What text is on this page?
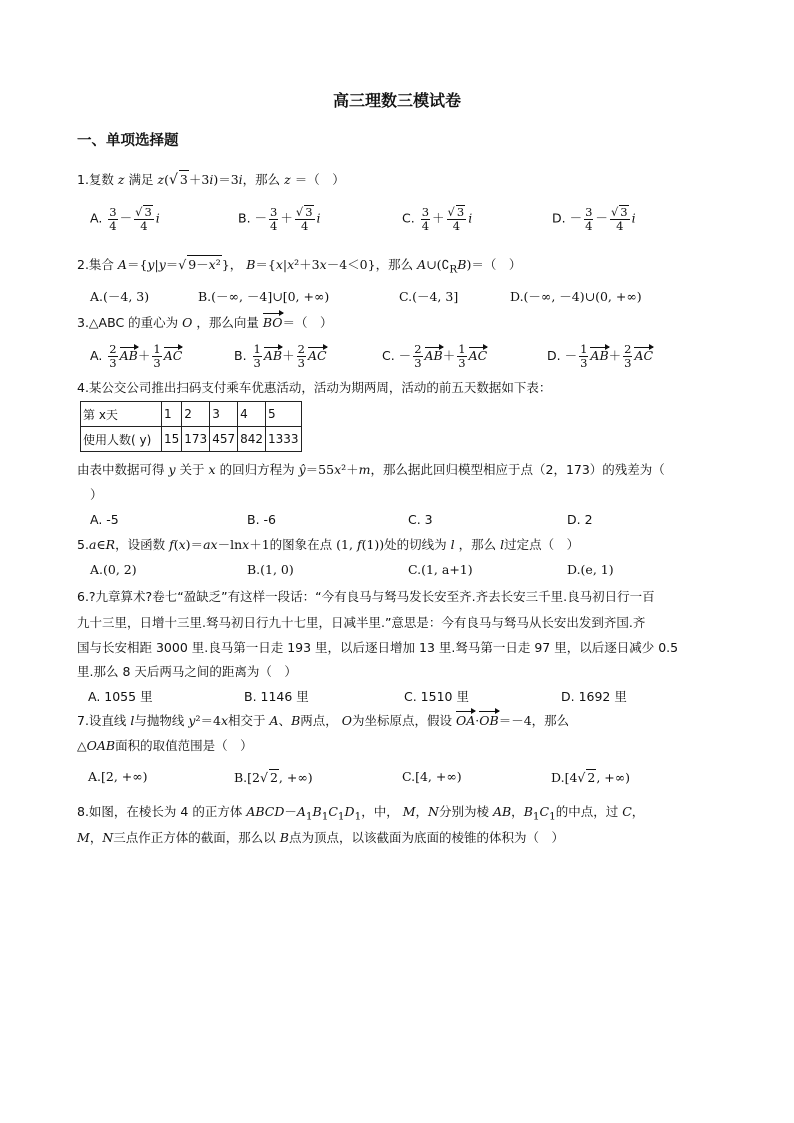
高三理数三模试卷
一、单项选择题
1.复数 z 满足 z(√ 3＋3i)＝3i，那么 z ＝（　）
A. $\frac{3}{4} - \frac{√ 3}{4}$ i	B. － $\frac{3}{4} + \frac{√ 3}{4}$ i	C. $\frac{3}{4} + \frac{√ 3}{4}$ i	D. － $\frac{3}{4} - \frac{√ 3}{4}$ i
2.集合 A＝{y|y＝√ 9－x²}， B＝{x|x²＋3x－4＜0}，那么 $A\cup(∁_RB)=$（　）
A.(－4, 3)	B.(－∞, －4]∪[0, +∞)	C.(－4, 3]	D.(－∞, －4)∪(0, +∞)
3.△ABC 的重心为 O ，那么向量 BO＝（　）
A. $\frac{2}{3} AB+ \frac{1}{3}$ AC	B. $\frac{1}{3} AB+ \frac{2}{3}$ AC	C. － $\frac{2}{3} AB+ \frac{1}{3}$ AC	D. － $\frac{1}{3} AB+ \frac{2}{3}$ AC
4.某公交公司推出扫码支付乘车优惠活动，活动为期两周，活动的前五天数据如下表：
第 x天	1	2	3	4	5
使用人数( y)	15	173	457	842	1333
由表中数据可得 y 关于 x 的回归方程为 ŷ＝55x²＋m，那么据此回归模型相应于点（2，173）的残差为（
）
A. -5	B. -6	C. 3	D. 2
5.a∈R，设函数 f(x)＝ax－lnx＋1的图象在点 (1, f(1))处的切线为 l ，那么 l过定点（　）
A.(0, 2)	B.(1, 0)	C.(1, a+1)	D.(e, 1)
6.?九章算术?卷七“盈缺乏”有这样一段话：“今有良马与驽马发长安至齐.齐去长安三千里.良马初日行一百
九十三里，日增十三里.驽马初日行九十七里，日减半里.”意思是：今有良马与驽马从长安出发到齐国.齐
国与长安相距 3000 里.良马第一日走 193 里，以后逐日增加 13 里.驽马第一日走 97 里，以后逐日减少 0.5
里.那么 8 天后两马之间的距离为（　）
A. 1055 里	B. 1146 里	C. 1510 里	D. 1692 里
7.设直线 l与抛物线 y²＝4x相交于 A、B两点， O为坐标原点，假设 OA·OB＝－4，那么
△OAB面积的取值范围是（　）
A.[2, +∞)	B.[2√ 2, +∞)	C.[4, +∞)	D.[4√ 2, +∞)
8.如图，在棱长为 4 的正方体 $ABCD-A_1B_1C_1D_1$，中， M，N分别为棱 AB，$B_1C_1$的中点，过 C，
M，N三点作正方体的截面，那么以 B点为顶点，以该截面为底面的棱锥的体积为（　）
